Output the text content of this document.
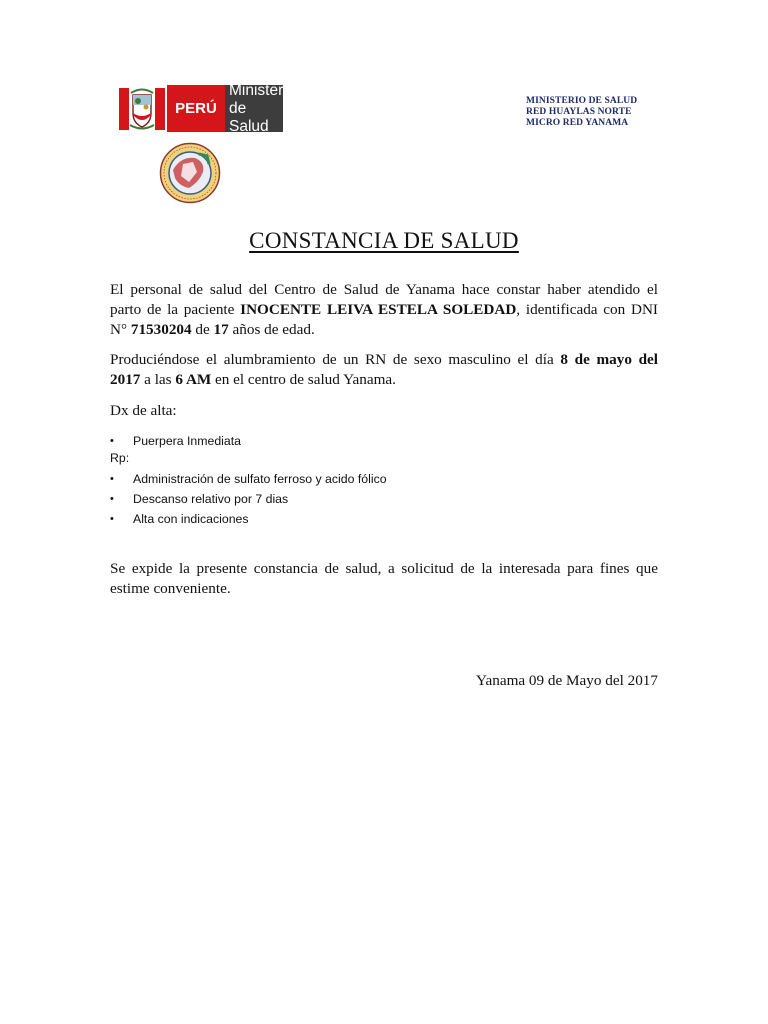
PERÚ
Ministerio
de Salud
MINISTERIO DE SALUD
RED HUAYLAS NORTE
MICRO RED YANAMA
CONSTANCIA DE SALUD
El personal de salud del Centro de Salud de Yanama hace constar haber atendido el
parto de la paciente INOCENTE LEIVA ESTELA SOLEDAD, identificada con DNI
N° 71530204 de 17 años de edad.
Produciéndose el alumbramiento de un RN de sexo masculino el día 8 de mayo del
2017 a las 6 AM en el centro de salud Yanama.
Dx de alta:
• Puerpera Inmediata
Rp:
• Administración de sulfato ferroso y acido fólico
• Descanso relativo por 7 dias
• Alta con indicaciones
Se expide la presente constancia de salud, a solicitud de la interesada para fines que
estime conveniente.
Yanama 09 de Mayo del 2017
